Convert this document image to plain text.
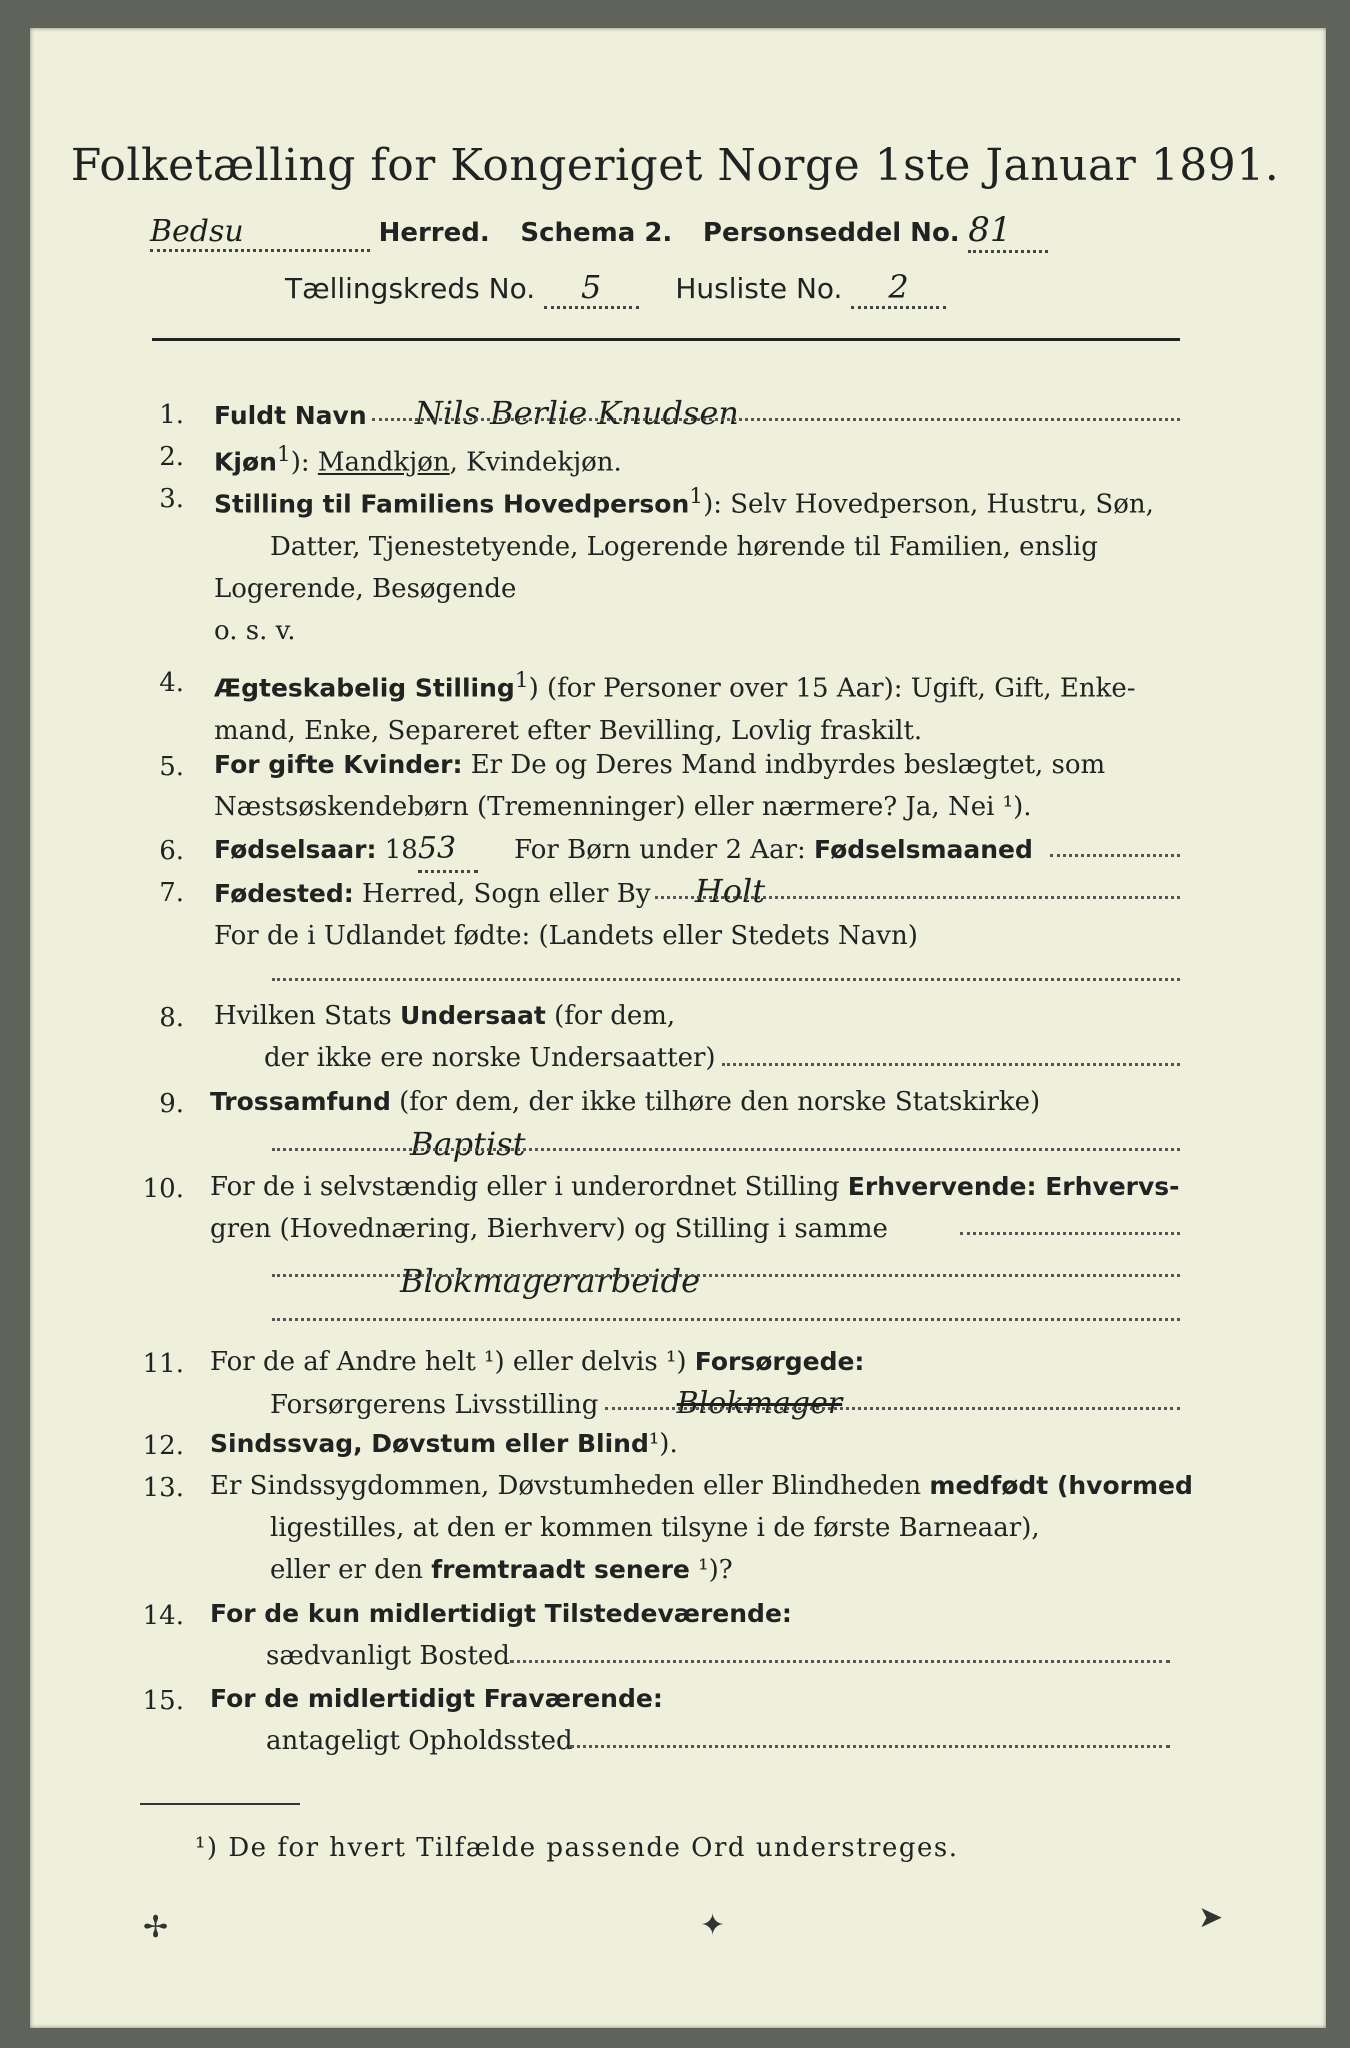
Folketælling for Kongeriget Norge 1ste Januar 1891.
Bedsu	Herred. Schema 2. Personseddel No. 81
Tællingskreds No. 5	Husliste No. 2
1. Fuldt Navn Nils Berlie Knudsen
2. Kjøn$^1$): Mandkjøn, Kvindekjøn.
3. Stilling til Familiens Hovedperson$^1$): Selv Hovedperson, Hustru, Søn,
Datter, Tjenestetyende, Logerende hørende til Familien, enslig
Logerende, Besøgende
o. s. v.
4. Ægteskabelig Stilling$^1$) (for Personer over 15 Aar): Ugift, Gift, Enke-
mand, Enke, Separeret efter Bevilling, Lovlig fraskilt.
5. For gifte Kvinder: Er De og Deres Mand indbyrdes beslægtet, som
Næstsøskendebørn (Tremenninger) eller nærmere? Ja, Nei ¹).
6. Fødselsaar: 1853 For Børn under 2 Aar: Fødselsmaaned
7. Fødested: Herred, Sogn eller By Holt
For de i Udlandet fødte: (Landets eller Stedets Navn)
8. Hvilken Stats Undersaat (for dem,
der ikke ere norske Undersaatter)
9. Trossamfund (for dem, der ikke tilhøre den norske Statskirke)
Baptist
10. For de i selvstændig eller i underordnet Stilling Erhvervende: Erhvervs-
gren (Hovednæring, Bierhverv) og Stilling i samme
Blokmagerarbeide
11. For de af Andre helt ¹) eller delvis ¹) Forsørgede:
Forsørgerens Livsstilling	Blokmager
12. Sindssvag, Døvstum eller Blind¹).
13. Er Sindssygdommen, Døvstumheden eller Blindheden medfødt (hvormed
ligestilles, at den er kommen tilsyne i de første Barneaar),
eller er den fremtraadt senere ¹)?
14. For de kun midlertidigt Tilstedeværende:
sædvanligt Bosted
15. For de midlertidigt Fraværende:
antageligt Opholdssted
¹) De for hvert Tilfælde passende Ord understreges.
✢	✦	➤
